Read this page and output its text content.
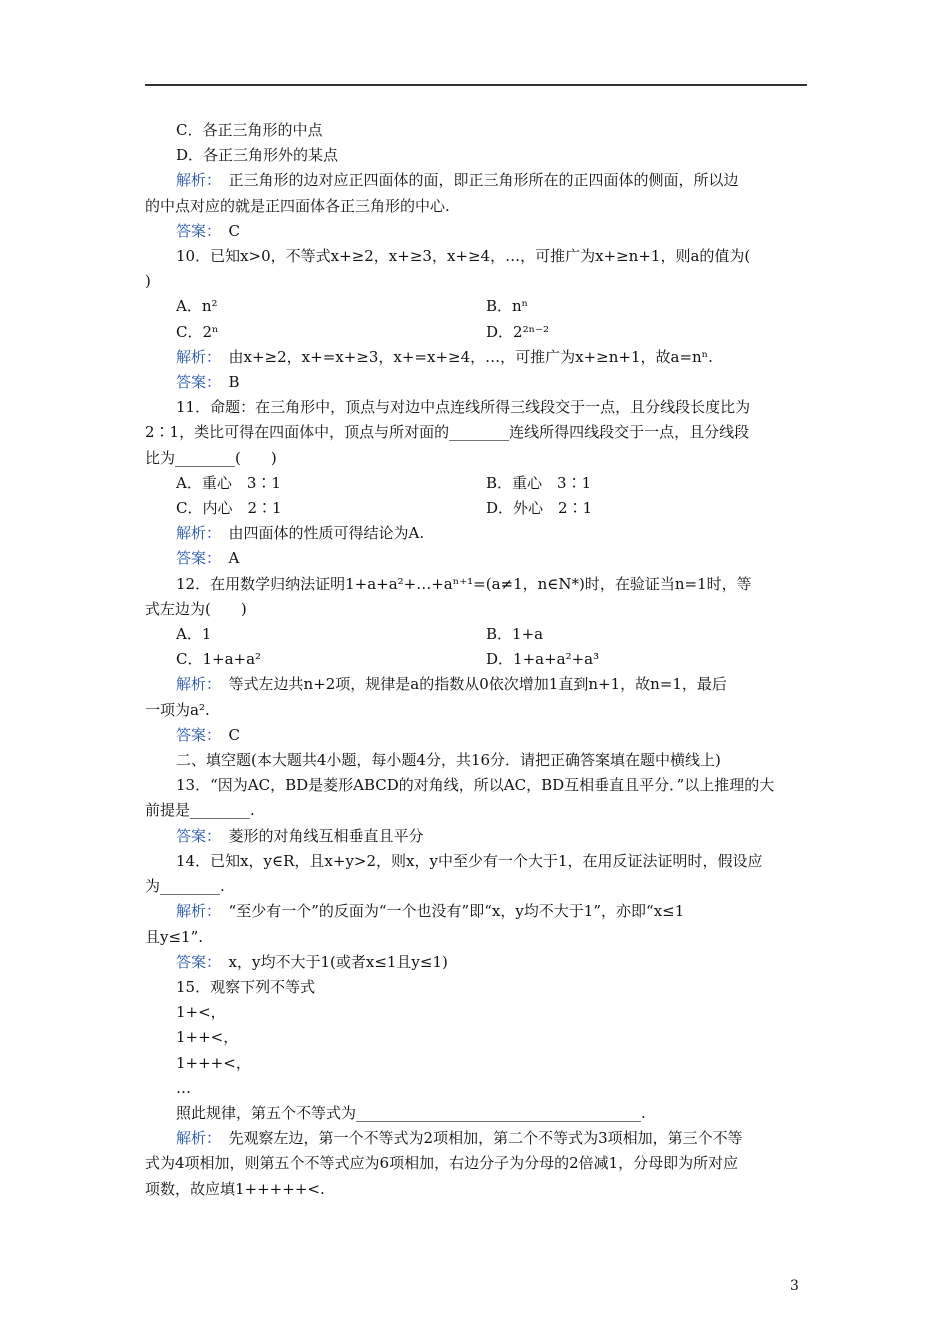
C．各正三角形的中点

D．各正三角形外的某点

解析：　 正三角形的边对应正四面体的面，即正三角形所在的正四面体的侧面，所以边

的中点对应的就是正四面体各正三角形的中心.

答案：　 C

10．已知x>0，不等式x+≥2，x+≥3，x+≥4，…，可推广为x+≥n+1，则a的值为(

)

A．n²	B．nⁿ
C．2ⁿ	D．2²ⁿ⁻²

解析：　 由x+≥2，x+=x+≥3，x+=x+≥4，…，可推广为x+≥n+1，故a=nⁿ.

答案：　 B

11．命题：在三角形中，顶点与对边中点连线所得三线段交于一点，且分线段长度比为

2∶1，类比可得在四面体中，顶点与所对面的________连线所得四线段交于一点，且分线段

比为________(　　)

A．重心　3∶1	B．重心　3∶1
C．内心　2∶1	D．外心　2∶1

解析：　 由四面体的性质可得结论为A.

答案：　 A

12．在用数学归纳法证明1+a+a²+…+aⁿ⁺¹=(a≠1，n∈N*)时，在验证当n=1时，等

式左边为(　　)

A．1	B．1+a
C．1+a+a²	D．1+a+a²+a³

解析：　 等式左边共n+2项，规律是a的指数从0依次增加1直到n+1，故n=1，最后

一项为a².

答案：　 C

二、填空题(本大题共4小题，每小题4分，共16分．请把正确答案填在题中横线上)

13．“因为AC，BD是菱形ABCD的对角线，所以AC，BD互相垂直且平分．”以上推理的大

前提是________.

答案：　 菱形的对角线互相垂直且平分

14．已知x，y∈R，且x+y>2，则x，y中至少有一个大于1，在用反证法证明时，假设应

为________.

解析：　 “至少有一个”的反面为“一个也没有”即“x，y均不大于1”，亦即“x≤1

且y≤1”.

答案：　 x，y均不大于1(或者x≤1且y≤1)

15．观察下列不等式

1+<，

1++<，

1+++<，

…

照此规律，第五个不等式为______________________________________.

解析：　 先观察左边，第一个不等式为2项相加，第二个不等式为3项相加，第三个不等

式为4项相加，则第五个不等式应为6项相加，右边分子为分母的2倍减1，分母即为所对应

项数，故应填1+++++<.

3
